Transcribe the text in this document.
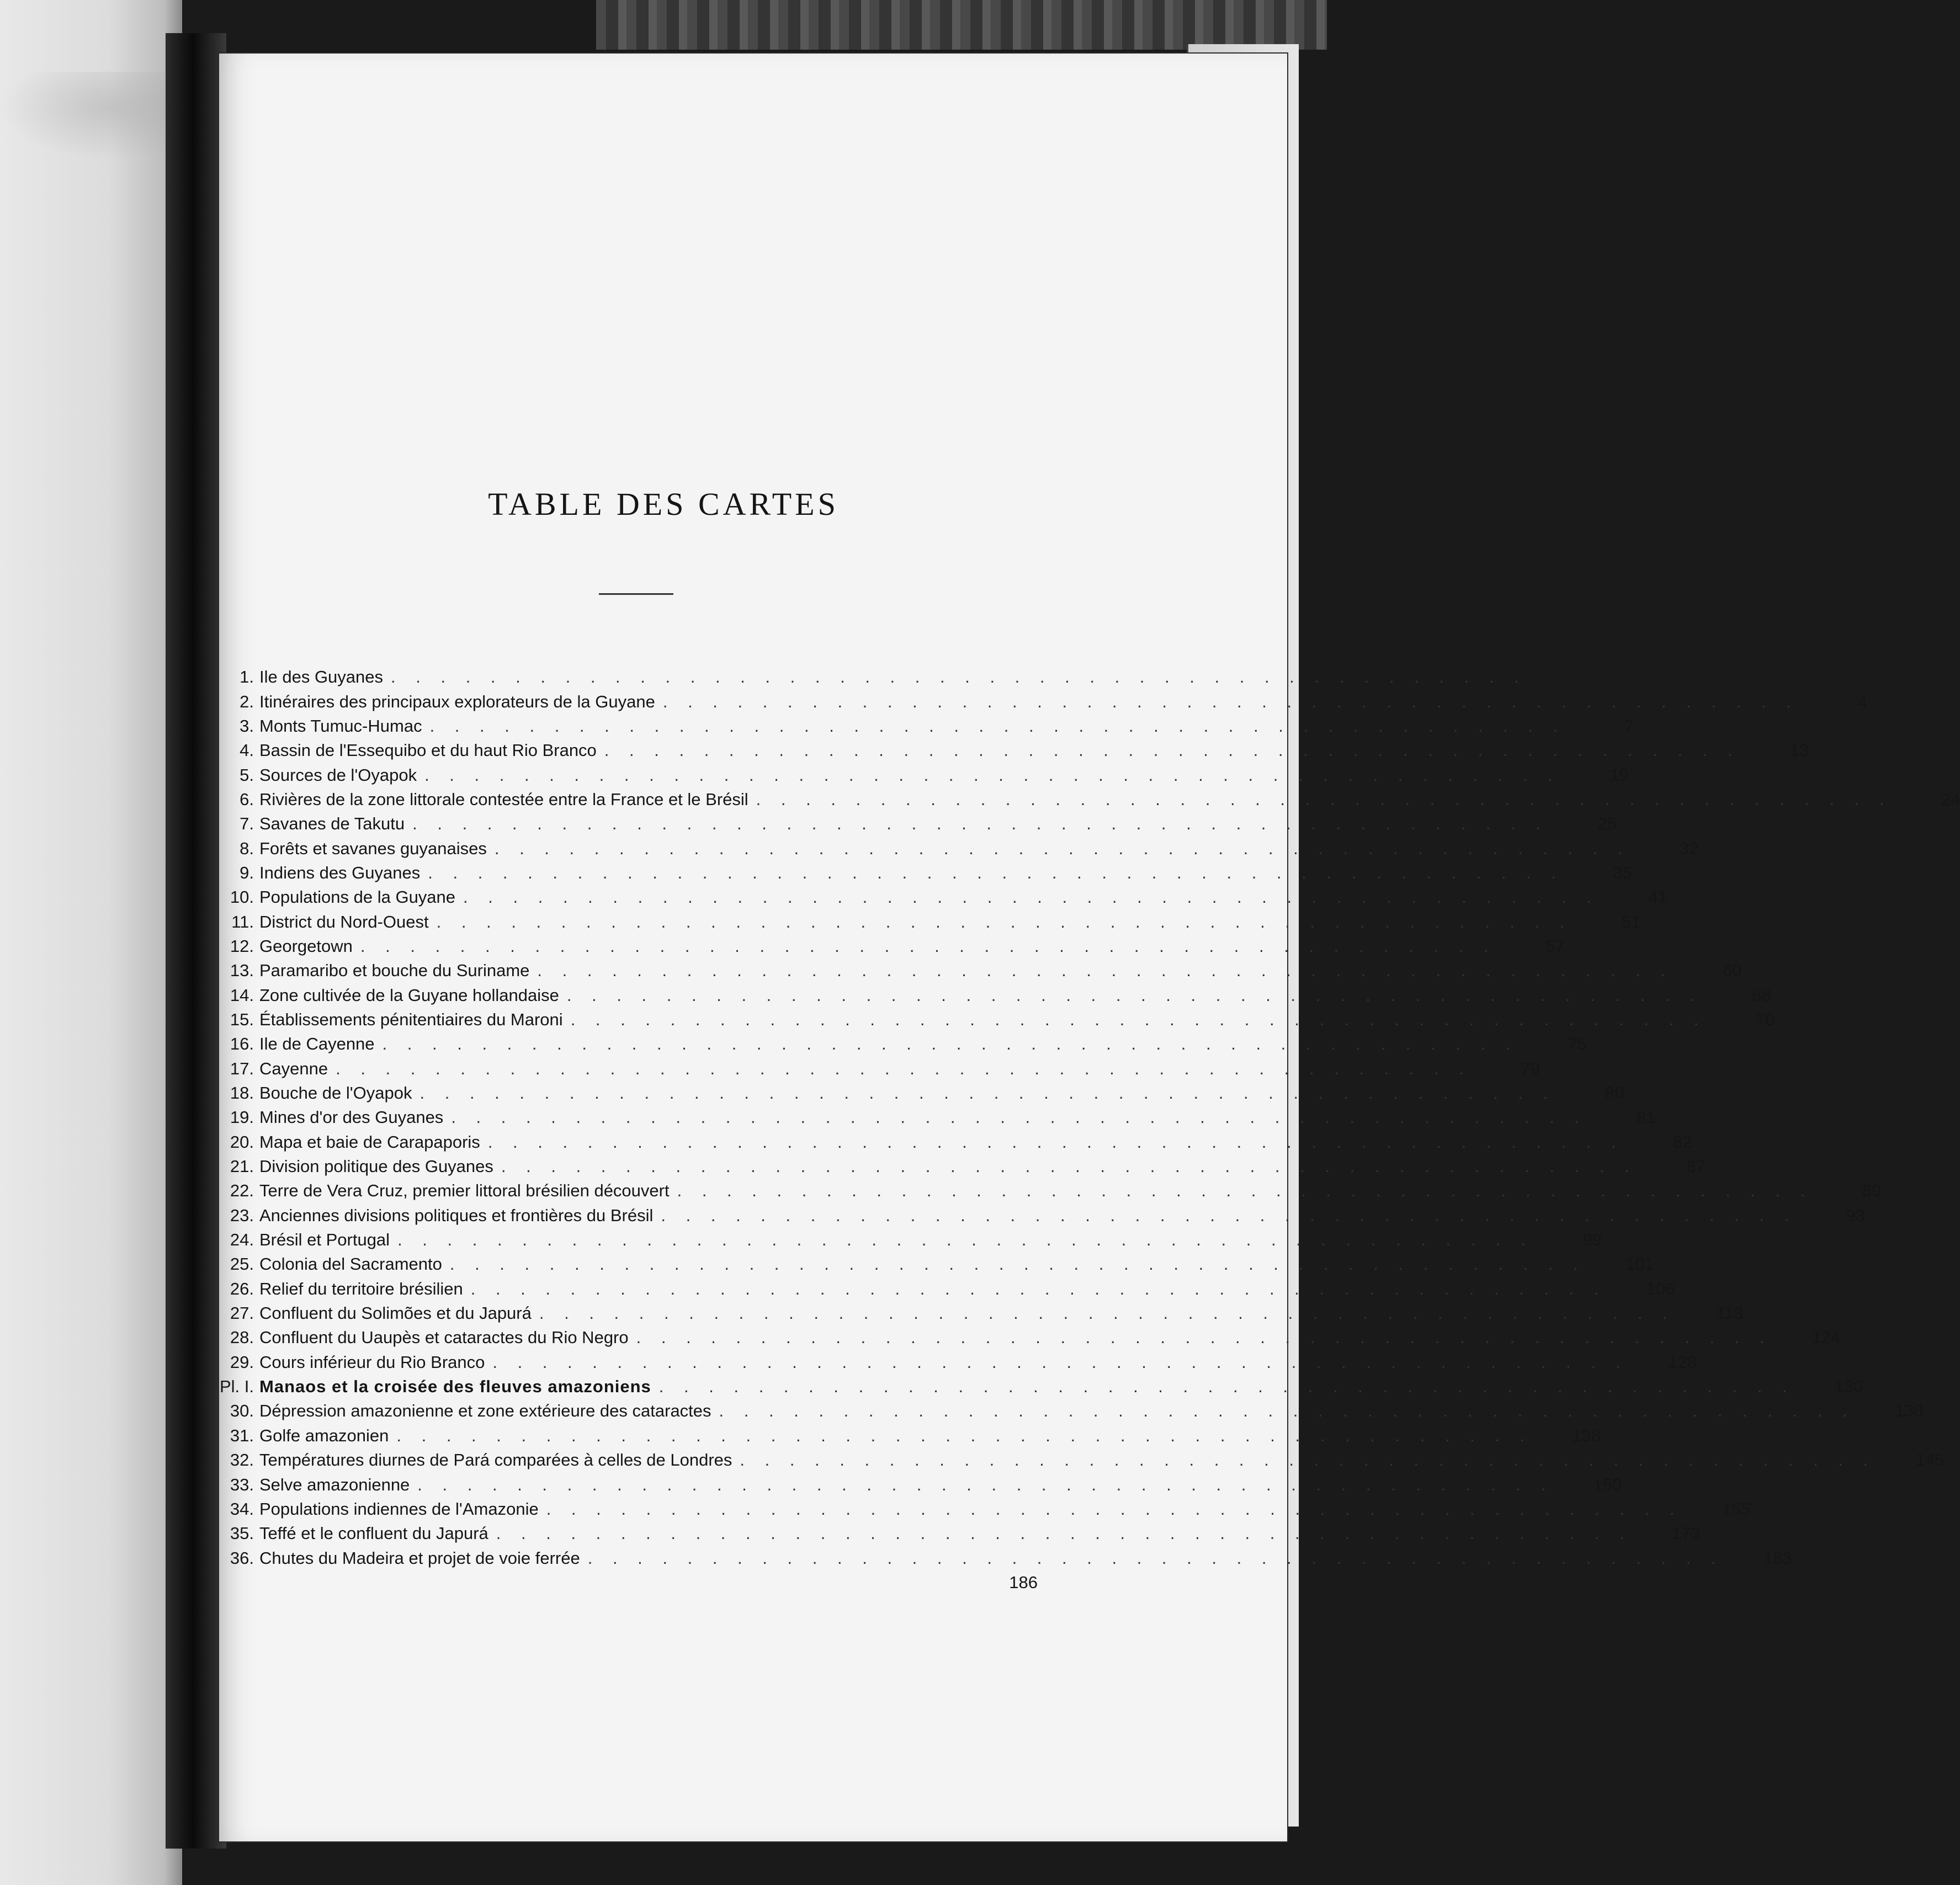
TABLE DES CARTES
1. Ile des Guyanes . . . . . . . . . . . . . . . . . . . . . . . . . . . . . . . . . . . . . . . . . . . . . .
2. Itinéraires des principaux explorateurs de la Guyane . . . . . . . . . . . . . . . . . . . . . . . . . . . . . . . . . . . . . . . . . . . . . .	4
3. Monts Tumuc-Humac . . . . . . . . . . . . . . . . . . . . . . . . . . . . . . . . . . . . . . . . . . . . . .	7
4. Bassin de l'Essequibo et du haut Rio Branco . . . . . . . . . . . . . . . . . . . . . . . . . . . . . . . . . . . . . . . . . . . . . .	13
5. Sources de l'Oyapok . . . . . . . . . . . . . . . . . . . . . . . . . . . . . . . . . . . . . . . . . . . . . .	19
6. Rivières de la zone littorale contestée entre la France et le Brésil . . . . . . . . . . . . . . . . . . . . . . . . . . . . . . . . . . . . . . . . . . . . . .	24
7. Savanes de Takutu . . . . . . . . . . . . . . . . . . . . . . . . . . . . . . . . . . . . . . . . . . . . . .	25
8. Forêts et savanes guyanaises . . . . . . . . . . . . . . . . . . . . . . . . . . . . . . . . . . . . . . . . . . . . . .	32
9. Indiens des Guyanes . . . . . . . . . . . . . . . . . . . . . . . . . . . . . . . . . . . . . . . . . . . . . .	35
10. Populations de la Guyane . . . . . . . . . . . . . . . . . . . . . . . . . . . . . . . . . . . . . . . . . . . . . .	41
11. District du Nord-Ouest . . . . . . . . . . . . . . . . . . . . . . . . . . . . . . . . . . . . . . . . . . . . . .	51
12. Georgetown . . . . . . . . . . . . . . . . . . . . . . . . . . . . . . . . . . . . . . . . . . . . . .	57
13. Paramaribo et bouche du Suriname . . . . . . . . . . . . . . . . . . . . . . . . . . . . . . . . . . . . . . . . . . . . . .	60
14. Zone cultivée de la Guyane hollandaise . . . . . . . . . . . . . . . . . . . . . . . . . . . . . . . . . . . . . . . . . . . . . .	68
15. Établissements pénitentiaires du Maroni . . . . . . . . . . . . . . . . . . . . . . . . . . . . . . . . . . . . . . . . . . . . . .	70
16. Ile de Cayenne . . . . . . . . . . . . . . . . . . . . . . . . . . . . . . . . . . . . . . . . . . . . . .	75
17. Cayenne . . . . . . . . . . . . . . . . . . . . . . . . . . . . . . . . . . . . . . . . . . . . . .	79
18. Bouche de l'Oyapok . . . . . . . . . . . . . . . . . . . . . . . . . . . . . . . . . . . . . . . . . . . . . .	80
19. Mines d'or des Guyanes . . . . . . . . . . . . . . . . . . . . . . . . . . . . . . . . . . . . . . . . . . . . . .	81
20. Mapa et baie de Carapaporis . . . . . . . . . . . . . . . . . . . . . . . . . . . . . . . . . . . . . . . . . . . . . .	82
21. Division politique des Guyanes . . . . . . . . . . . . . . . . . . . . . . . . . . . . . . . . . . . . . . . . . . . . . .	87
22. Terre de Vera Cruz, premier littoral brésilien découvert . . . . . . . . . . . . . . . . . . . . . . . . . . . . . . . . . . . . . . . . . . . . . .	89
23. Anciennes divisions politiques et frontières du Brésil . . . . . . . . . . . . . . . . . . . . . . . . . . . . . . . . . . . . . . . . . . . . . .	93
24. Brésil et Portugal . . . . . . . . . . . . . . . . . . . . . . . . . . . . . . . . . . . . . . . . . . . . . .	99
25. Colonia del Sacramento . . . . . . . . . . . . . . . . . . . . . . . . . . . . . . . . . . . . . . . . . . . . . .	101
26. Relief du territoire brésilien . . . . . . . . . . . . . . . . . . . . . . . . . . . . . . . . . . . . . . . . . . . . . .	106
27. Confluent du Solimões et du Japurá . . . . . . . . . . . . . . . . . . . . . . . . . . . . . . . . . . . . . . . . . . . . . .	113
28. Confluent du Uaupès et cataractes du Rio Negro . . . . . . . . . . . . . . . . . . . . . . . . . . . . . . . . . . . . . . . . . . . . . .	124
29. Cours inférieur du Rio Branco . . . . . . . . . . . . . . . . . . . . . . . . . . . . . . . . . . . . . . . . . . . . . .	128
Pl. I. Manaos et la croisée des fleuves amazoniens . . . . . . . . . . . . . . . . . . . . . . . . . . . . . . . . . . . . . . . . . . . . . .	130
30. Dépression amazonienne et zone extérieure des cataractes . . . . . . . . . . . . . . . . . . . . . . . . . . . . . . . . . . . . . . . . . . . . . .	130
31. Golfe amazonien . . . . . . . . . . . . . . . . . . . . . . . . . . . . . . . . . . . . . . . . . . . . . .	138
32. Températures diurnes de Pará comparées à celles de Londres . . . . . . . . . . . . . . . . . . . . . . . . . . . . . . . . . . . . . . . . . . . . . .	145
33. Selve amazonienne . . . . . . . . . . . . . . . . . . . . . . . . . . . . . . . . . . . . . . . . . . . . . .	150
34. Populations indiennes de l'Amazonie . . . . . . . . . . . . . . . . . . . . . . . . . . . . . . . . . . . . . . . . . . . . . .	155
35. Teffé et le confluent du Japurá . . . . . . . . . . . . . . . . . . . . . . . . . . . . . . . . . . . . . . . . . . . . . .	173
36. Chutes du Madeira et projet de voie ferrée . . . . . . . . . . . . . . . . . . . . . . . . . . . . . . . . . . . . . . . . . . . . . .	183
186
